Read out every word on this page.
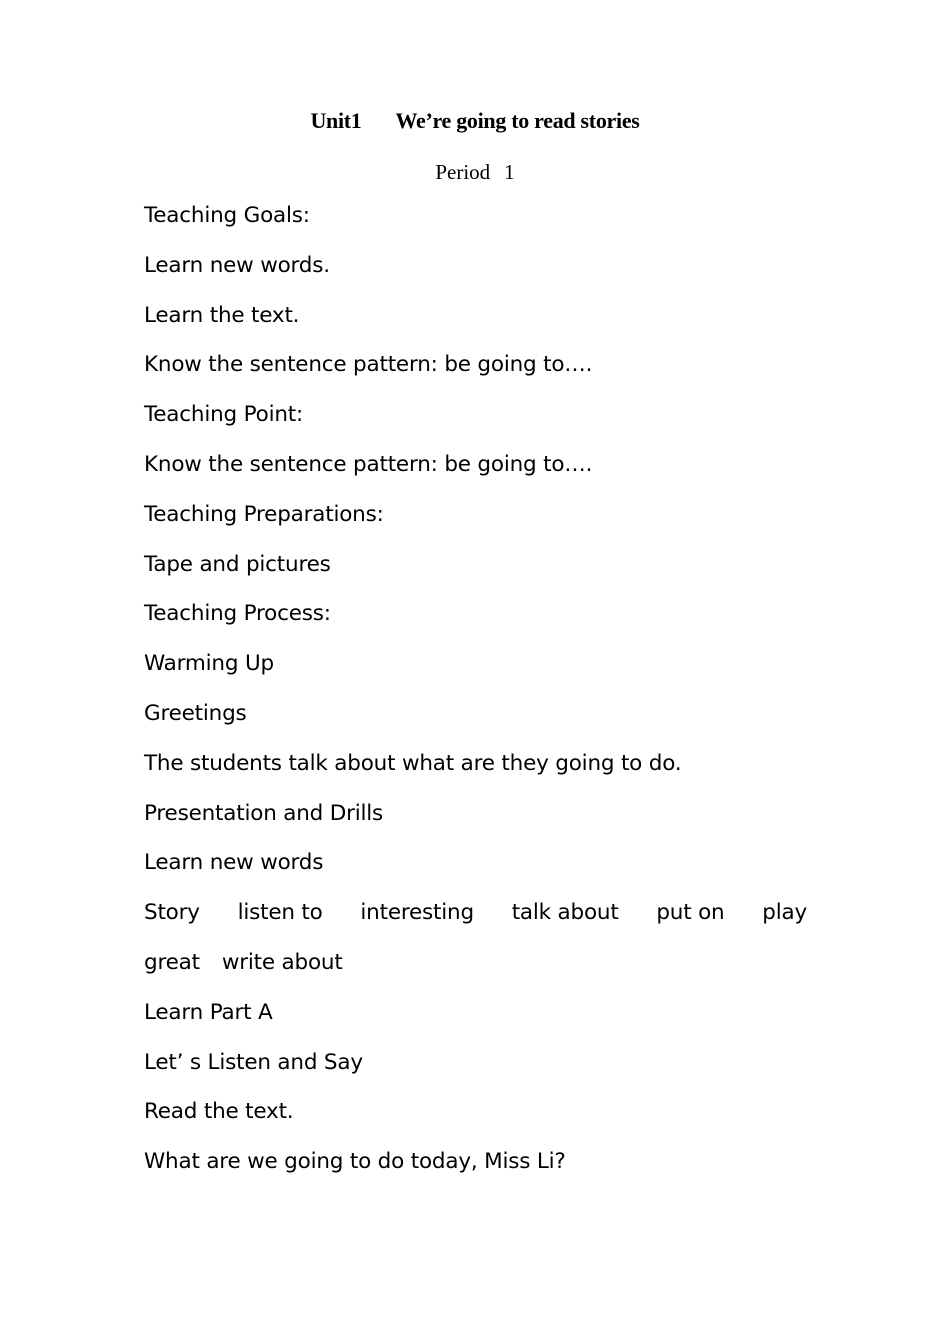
Unit1 We’re going to read stories
Period 1
Teaching Goals:
Learn new words.
Learn the text.
Know the sentence pattern: be going to….
Teaching Point:
Know the sentence pattern: be going to….
Teaching Preparations:
Tape and pictures
Teaching Process:
Warming Up
Greetings
The students talk about what are they going to do.
Presentation and Drills
Learn new words
Story listen to interesting talk about put on play
great write about
Learn Part A
Let’ s Listen and Say
Read the text.
What are we going to do today, Miss Li?
